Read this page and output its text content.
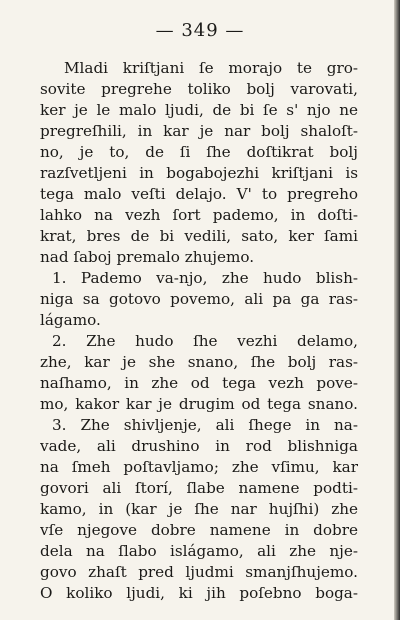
— 349 —
Mladi kriſtjani ſe morajo te gro-
sovite pregrehe toliko bolj varovati,
ker je le malo ljudi, de bi ſe s' njo ne
pregreſhili, in kar je nar bolj shaloſt-
no, je to, de ſi ſhe doſtikrat bolj
razſvetljeni in bogabojezhi kriſtjani is
tega malo veſti delajo. V' to pregreho
lahko na vezh ſort pademo, in doſti-
krat, bres de bi vedili, sato, ker ſami
nad ſaboj premalo zhujemo.
1. Pademo va-njo, zhe hudo blish-
niga sa gotovo povemo, ali pa ga ras-
lágamo.
2. Zhe hudo ſhe vezhi delamo,
zhe, kar je she snano, ſhe bolj ras-
naſhamo, in zhe od tega vezh pove-
mo, kakor kar je drugim od tega snano.
3. Zhe shivljenje, ali ſhege in na-
vade, ali drushino in rod blishniga
na ſmeh poſtavljamo; zhe vſimu, kar
govori ali ſtorí, ſlabe namene podti-
kamo, in (kar je ſhe nar hujſhi) zhe
vſe njegove dobre namene in dobre
dela na ſlabo islágamo, ali zhe nje-
govo zhaſt pred ljudmi smanjſhujemo.
O koliko ljudi, ki jih poſebno boga-
